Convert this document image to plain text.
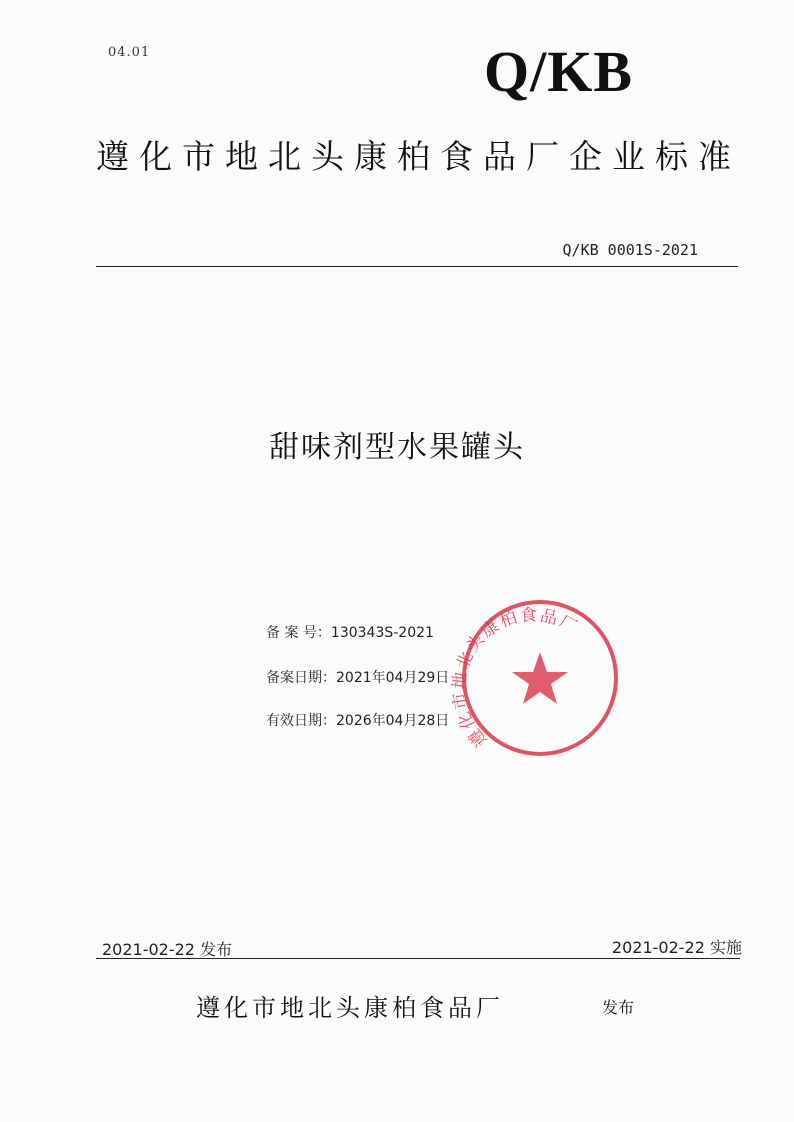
04.01	Q/KB
遵化市地北头康柏食品厂企业标准
Q/KB 0001S-2021
甜味剂型水果罐头
备 案 号：130343S-2021
备案日期：2021年04月29日
有效日期：2026年04月28日
遵化市地北头康柏食品厂
2021-02-22 发布	2021-02-22 实施
遵化市地北头康柏食品厂	发布
